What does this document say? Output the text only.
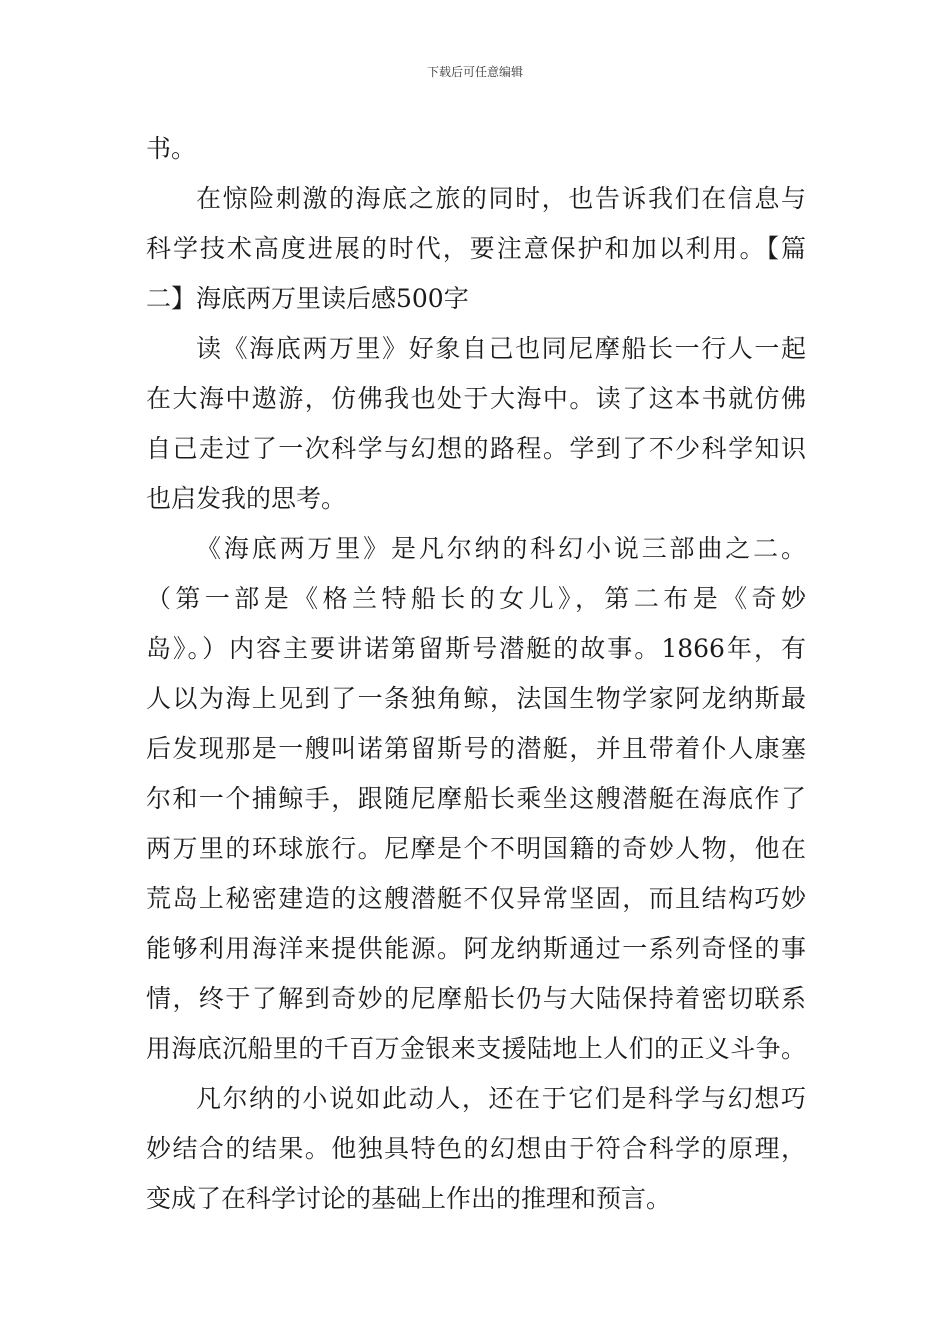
下载后可任意编辑
书。
在惊险刺激的海底之旅的同时，也告诉我们在信息与
科学技术高度进展的时代，要注意保护和加以利用。【篇
二】海底两万里读后感500字
读《海底两万里》好象自己也同尼摩船长一行人一起
在大海中遨游，仿佛我也处于大海中。读了这本书就仿佛
自己走过了一次科学与幻想的路程。学到了不少科学知识
也启发我的思考。
《海底两万里》是凡尔纳的科幻小说三部曲之二。
（第一部是《格兰特船长的女儿》，第二布是《奇妙
岛》。）内容主要讲诺第留斯号潜艇的故事。1866年，有
人以为海上见到了一条独角鲸，法国生物学家阿龙纳斯最
后发现那是一艘叫诺第留斯号的潜艇，并且带着仆人康塞
尔和一个捕鲸手，跟随尼摩船长乘坐这艘潜艇在海底作了
两万里的环球旅行。尼摩是个不明国籍的奇妙人物，他在
荒岛上秘密建造的这艘潜艇不仅异常坚固，而且结构巧妙
能够利用海洋来提供能源。阿龙纳斯通过一系列奇怪的事
情，终于了解到奇妙的尼摩船长仍与大陆保持着密切联系
用海底沉船里的千百万金银来支援陆地上人们的正义斗争。
凡尔纳的小说如此动人，还在于它们是科学与幻想巧
妙结合的结果。他独具特色的幻想由于符合科学的原理，
变成了在科学讨论的基础上作出的推理和预言。
